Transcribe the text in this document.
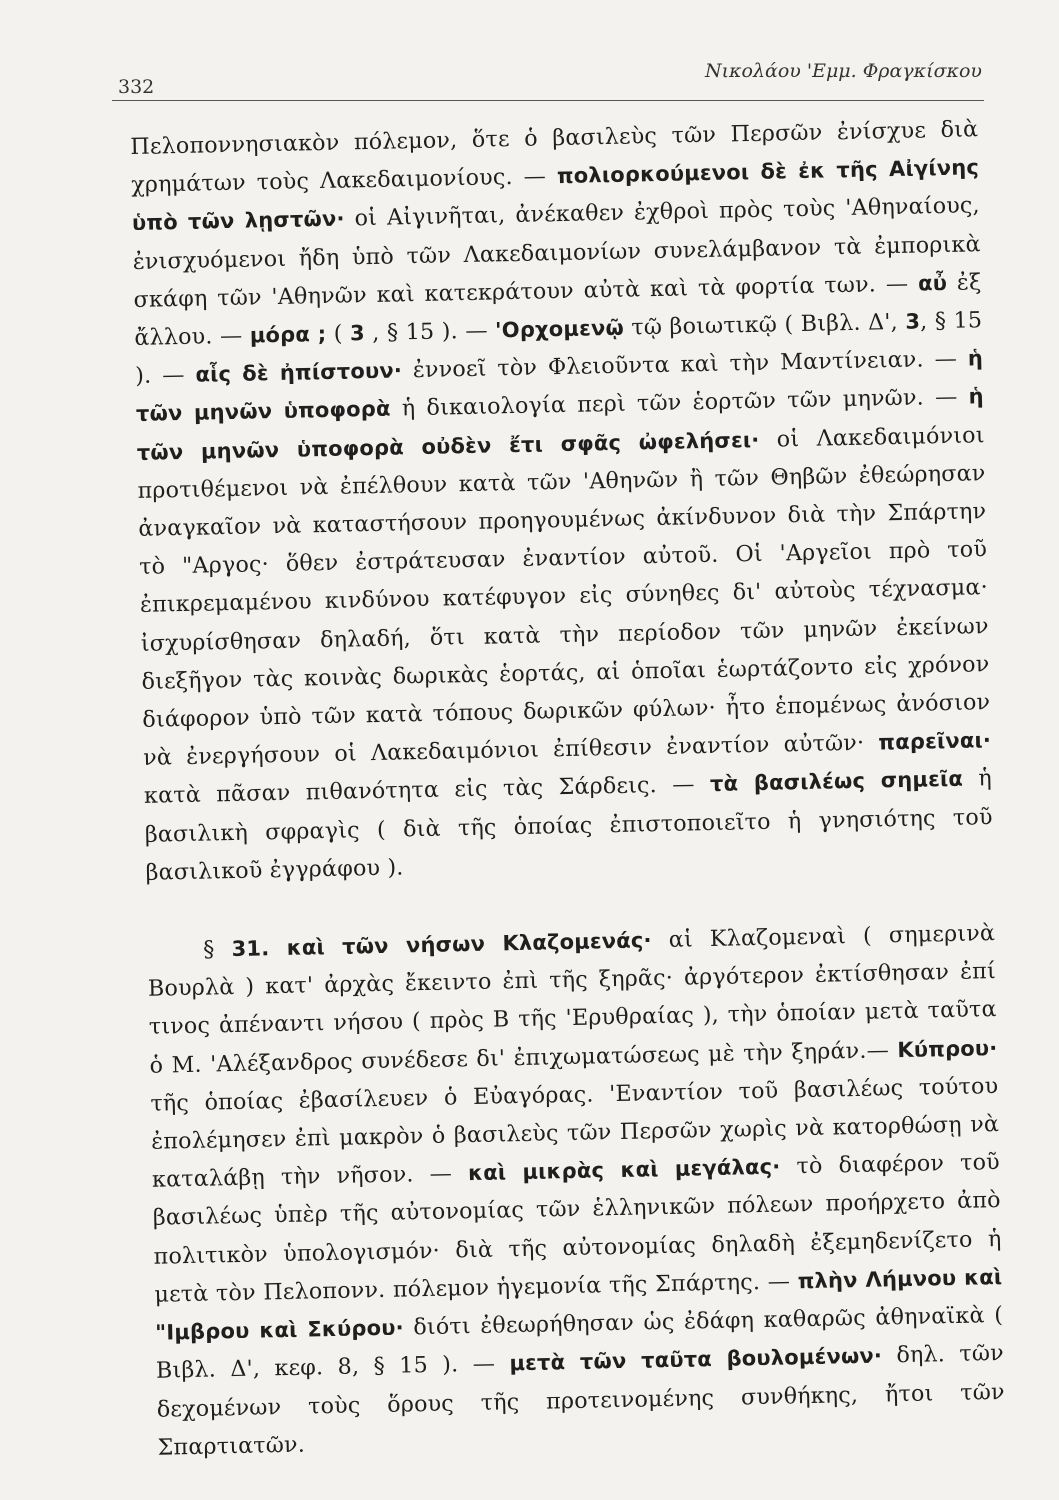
332
Νικολάου 'Εμμ. Φραγκίσκου

Πελοποννησιακὸν πόλεμον, ὅτε ὁ βασιλεὺς τῶν Περσῶν ἐνίσχυε διὰ χρημάτων τοὺς Λακεδαιμονίους. — πολιορκούμενοι δὲ ἐκ τῆς Αἰγίνης ὑπὸ τῶν λῃστῶν· οἱ Αἰγινῆται, ἀνέκαθεν ἐχθροὶ πρὸς τοὺς 'Αθηναίους, ἐνισχυόμενοι ἤδη ὑπὸ τῶν Λακεδαιμονίων συνελάμβανον τὰ ἐμπορικὰ σκάφη τῶν 'Αθηνῶν καὶ κατεκράτουν αὐτὰ καὶ τὰ φορτία των. — αὖ ἐξ ἄλλου. — μόρα ; ( 3 , § 15 ). — 'Ορχομενῷ τῷ βοιωτικῷ ( Βιβλ. Δ', 3, § 15 ). — αἷς δὲ ἠπίστουν· ἐννοεῖ τὸν Φλειοῦντα καὶ τὴν Μαντίνειαν. — ἡ τῶν μηνῶν ὑποφορὰ ἡ δικαιολογία περὶ τῶν ἑορτῶν τῶν μηνῶν. — ἡ τῶν μηνῶν ὑποφορὰ οὐδὲν ἔτι σφᾶς ὠφελήσει· οἱ Λακεδαιμόνιοι προτιθέμενοι νὰ ἐπέλθουν κατὰ τῶν 'Αθηνῶν ἢ τῶν Θηβῶν ἐθεώρησαν ἀναγκαῖον νὰ καταστήσουν προηγουμένως ἀκίνδυνον διὰ τὴν Σπάρτην τὸ "Αργος· ὅθεν ἐστράτευσαν ἐναντίον αὐτοῦ. Οἱ 'Αργεῖοι πρὸ τοῦ ἐπικρεμαμένου κινδύνου κατέφυγον εἰς σύνηθες δι' αὐτοὺς τέχνασμα· ἰσχυρίσθησαν δηλαδή, ὅτι κατὰ τὴν περίοδον τῶν μηνῶν ἐκείνων διεξῆγον τὰς κοινὰς δωρικὰς ἑορτάς, αἱ ὁποῖαι ἑωρτάζοντο εἰς χρόνον διάφορον ὑπὸ τῶν κατὰ τόπους δωρικῶν φύλων· ἦτο ἑπομένως ἀνόσιον νὰ ἐνεργήσουν οἱ Λακεδαιμόνιοι ἐπίθεσιν ἐναντίον αὐτῶν· παρεῖναι· κατὰ πᾶσαν πιθανότητα εἰς τὰς Σάρδεις. — τὰ βασιλέως σημεῖα ἡ βασιλικὴ σφραγὶς ( διὰ τῆς ὁποίας ἐπιστοποιεῖτο ἡ γνησιότης τοῦ βασιλικοῦ ἐγγράφου ).

§ 31. καὶ τῶν νήσων Κλαζομενάς· αἱ Κλαζομεναὶ ( σημερινὰ Βουρλὰ ) κατ' ἀρχὰς ἔκειντο ἐπὶ τῆς ξηρᾶς· ἀργότερον ἐκτίσθησαν ἐπί τινος ἀπέναντι νήσου ( πρὸς Β τῆς 'Ερυθραίας ), τὴν ὁποίαν μετὰ ταῦτα ὁ Μ. 'Αλέξανδρος συνέδεσε δι' ἐπιχωματώσεως μὲ τὴν ξηράν.— Κύπρου· τῆς ὁποίας ἐβασίλευεν ὁ Εὐαγόρας. 'Εναντίον τοῦ βασιλέως τούτου ἐπολέμησεν ἐπὶ μακρὸν ὁ βασιλεὺς τῶν Περσῶν χωρὶς νὰ κατορθώσῃ νὰ καταλάβῃ τὴν νῆσον. — καὶ μικρὰς καὶ μεγάλας· τὸ διαφέρον τοῦ βασιλέως ὑπὲρ τῆς αὐτονομίας τῶν ἑλληνικῶν πόλεων προήρχετο ἀπὸ πολιτικὸν ὑπολογισμόν· διὰ τῆς αὐτονομίας δηλαδὴ ἐξεμηδενίζετο ἡ μετὰ τὸν Πελοπονν. πόλεμον ἡγεμονία τῆς Σπάρτης. — πλὴν Λήμνου καὶ "Ιμβρου καὶ Σκύρου· διότι ἐθεωρήθησαν ὡς ἐδάφη καθαρῶς ἀθηναϊκὰ ( Βιβλ. Δ', κεφ. 8, § 15 ). — μετὰ τῶν ταῦτα βουλομένων· δηλ. τῶν δεχομένων τοὺς ὅρους τῆς προτεινομένης συνθήκης, ἤτοι τῶν Σπαρτιατῶν.
